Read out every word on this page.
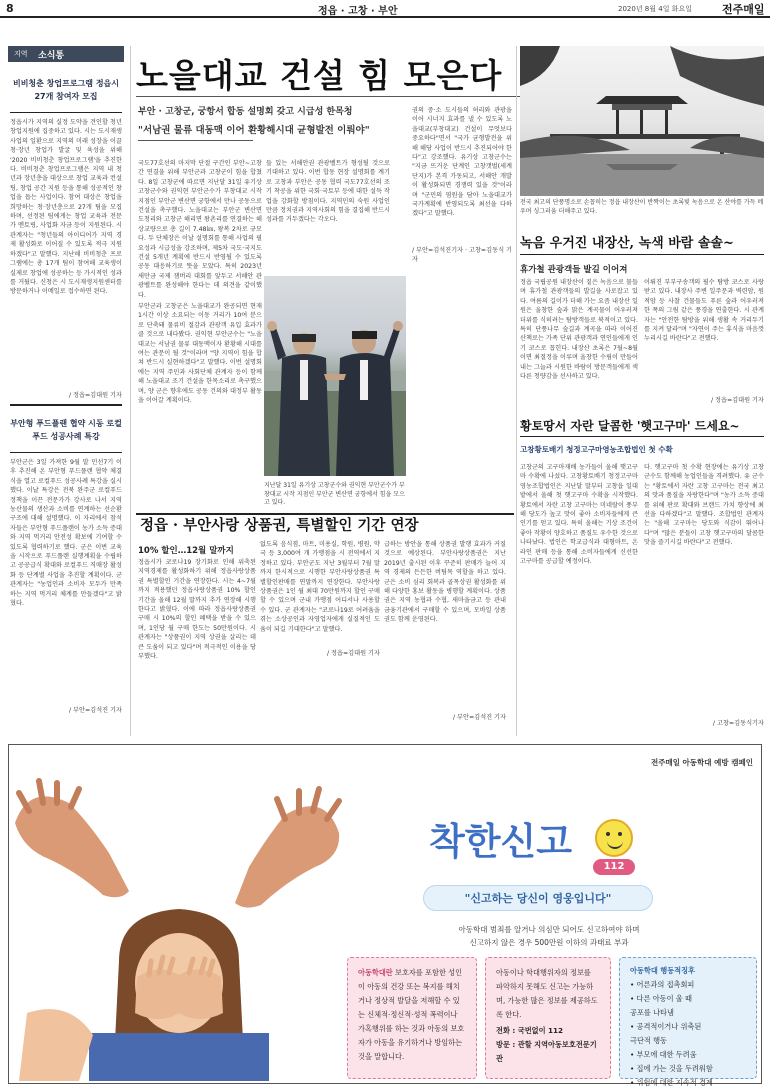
8	정읍 · 고창 · 부안	2020년 8월 4일 화요일	전주매일
지역 소식통
비비청춘 창업프로그램 정읍시 27개 참여자 모집
정읍시가 지역의 실정 도약을 견인할 청년 창업지원에 집중하고 있다. 시는 도시재생사업의 일환으로 지역의 미래 성장을 이끌 청·장년 창업가 발굴 및 육성을 위해 '2020 비비청춘 창업프로그램'을 추진한다. 비비청춘 창업프로그램은 지역 내 청년과 장년층을 대상으로 창업 교육과 컨설팅, 창업 공간 지원 등을 통해 성공적인 창업을 돕는 사업이다. 참여 대상은 창업을 희망하는 청·장년층으로 27개 팀을 모집하며, 선정된 팀에게는 창업 교육과 전문가 멘토링, 사업화 자금 등이 지원된다. 시 관계자는 "청년들의 아이디어가 지역 경제 활성화로 이어질 수 있도록 적극 지원하겠다"고 말했다. 지난해 비비청춘 프로그램에는 총 17개 팀이 참여해 교육생이 실제로 창업에 성공하는 등 가시적인 성과를 거뒀다. 신청은 시 도시재생지원센터를 방문하거나 이메일로 접수하면 된다.
/ 정읍=김대원 기자
부안형 푸드플랜 협약 시동 로컬푸드 성공사례 특강
부안군은 3일 가져한 9월 말 민선7기 이후 추진해 온 부안형 푸드플랜 협약 체결식을 열고 로컬푸드 성공사례 특강을 실시했다. 이날 특강은 전북 완주군 로컬푸드 정책을 이끈 전문가가 강사로 나서 지역 농산물의 생산과 소비를 연계하는 선순환 구조에 대해 설명했다. 이 자리에서 참석자들은 부안형 푸드플랜이 농가 소득 증대와 지역 먹거리 안전성 확보에 기여할 수 있도록 협력하기로 했다. 군은 이번 교육을 시작으로 푸드플랜 실행계획을 수립하고 공공급식 확대와 로컬푸드 직매장 활성화 등 단계별 사업을 추진할 계획이다. 군 관계자는 "농업인과 소비자 모두가 만족하는 지역 먹거리 체계를 만들겠다"고 밝혔다.
/ 부안=김석진 기자
노을대교 건설 힘 모은다
부안 · 고창군, 궁항서 합동 설명회 갖고 시급성 한목청
"서남권 물류 대동맥 이어 환황해시대 균형발전 이뤄야"
권의 중·소 도시들의 허리와 관광을 이어 시너지 효과를 낼 수 있도록 노을대교(부창대교) 건설이 무엇보다 중요하다"면서 "국가 균형발전을 위해 해당 사업이 반드시 추진되어야 한다"고 강조했다. 유기상 고창군수는 "지금 뜨거운 단계인 고창갯벌(세계 단지)가 본격 가동되고, 서해안 개발이 활성화되면 경쟁력 있을 것"이라며 "군민의 염원을 담아 노을대교가 국가계획에 반영되도록 최선을 다하겠다"고 말했다.
/ 부안=김석진기자 · 고창=김동식 기자
국도77호선의 마지막 단절 구간인 부안~고창간 연결을 위해 부안군과 고창군이 힘을 합쳤다. 8일 고창군에 따르면 지난달 31일 유기상 고창군수와 권익현 부안군수가 부창대교 시작 지점인 부안군 변산면 궁항에서 만나 공동으로 건설을 촉구했다. 노을대교는 부안군 변산면 도청리와 고창군 해리면 왕촌리를 연결하는 해상교량으로 총 길이 7.48㎞, 왕복 2차로 규모다. 두 단체장은 이날 설명회를 통해 사업의 필요성과 시급성을 강조하며, 제5차 국도·국지도 건설 5개년 계획에 반드시 반영될 수 있도록 공동 대응하기로 뜻을 모았다. 특히 2023년 새만금 국제 잼버리 대회를 앞두고 서해안 관광벨트를 완성해야 한다는 데 의견을 같이했다.
들 있는 서해안권 관광벨트가 형성될 것으로 기대하고 있다. 이번 합동 현장 설명회를 계기로 고창과 부안은 공동 협력 국도77호선의 조기 착공을 위한 국회·국토부 등에 대한 설득 작업을 강화할 방침이다. 지역민의 숙원 사업인 만큼 정치권과 지역사회의 힘을 결집해 반드시 성과를 거두겠다는 각오다.
지난달 31일 유기상 고창군수와 권익현 부안군수가 부창대교 시작 지점인 부안군 변산면 궁항에서 힘을 모으고 있다.
부안군과 고창군은 노을대교가 완공되면 현재 1시간 이상 소요되는 이동 거리가 10여 분으로 단축돼 물류비 절감과 관광객 유입 효과가 클 것으로 내다봤다. 권익현 부안군수는 "노을대교는 서남권 물류 대동맥이자 환황해 시대를 여는 관문이 될 것"이라며 "양 지역이 힘을 합쳐 반드시 실현하겠다"고 말했다. 이번 설명회에는 지역 주민과 사회단체 관계자 등이 함께해 노을대교 조기 건설을 한목소리로 촉구했으며, 양 군은 향후에도 공동 건의와 대정부 활동을 이어갈 계획이다.
전국 최고의 단풍명소로 손꼽히는 정읍 내장산이 반짝이는 초록빛 녹음으로 온 산야를 가득 메우며 싱그러움 더해주고 있다.
녹음 우거진 내장산, 녹색 바람 솔솔~
휴가철 관광객들 발길 이어져
정읍 국립공원 내장산이 짙은 녹음으로 물들며 휴가철 관광객들의 발길을 사로잡고 있다. 여름의 길이가 더해 가는 요즘 내장산 일원은 울창한 숲과 맑은 계곡물이 어우러져 더위를 식히려는 탐방객들로 북적이고 있다. 특히 단풍나무 숲길과 계곡을 따라 이어진 산책로는 가족 단위 관광객과 연인들에게 인기 코스로 꼽힌다. 내장산 초록은 7월~8월이면 최절정을 이루며 울창한 수림이 만들어내는 그늘과 시원한 바람이 방문객들에게 색다른 청량감을 선사하고 있다.
이뤄진 부부구송객의 필수 탐방 코스로 사랑받고 있다. 내장사 주변 일주문과 벽련암, 원적암 등 사찰 건물들도 푸른 숲과 어우러져 한 폭의 그림 같은 풍경을 연출한다. 시 관계자는 "안전한 탐방을 위해 생활 속 거리두기를 지켜 달라"며 "자연이 주는 휴식을 마음껏 누리시길 바란다"고 전했다.
/ 정읍=김대원 기자
황토땅서 자란 달콤한 '햇고구마' 드세요~
고창황토배기 청정고구마영농조합법인 첫 수확
고창군의 고구마재배 농가들이 올해 햇고구마 수확에 나섰다. 고창황토배기 청정고구마영농조합법인은 지난달 말부터 고창읍 일대 밭에서 올해 첫 햇고구마 수확을 시작했다. 황토에서 자란 고창 고구마는 미네랄이 풍부해 당도가 높고 맛이 좋아 소비자들에게 큰 인기를 얻고 있다. 특히 올해는 기상 조건이 좋아 작황이 양호하고 품질도 우수한 것으로 나타났다. 법인은 학교급식과 대형마트, 온라인 판매 등을 통해 소비자들에게 신선한 고구마를 공급할 예정이다.
다. 햇고구마 첫 수확 현장에는 유기상 고창군수도 함께해 농업인들을 격려했다. 유 군수는 "황토에서 자란 고창 고구마는 전국 최고의 맛과 품질을 자랑한다"며 "농가 소득 증대를 위해 판로 확대와 브랜드 가치 향상에 최선을 다하겠다"고 말했다. 조합법인 관계자는 "올해 고구마는 당도와 식감이 뛰어나다"며 "많은 분들이 고창 햇고구마의 달콤한 맛을 즐기시길 바란다"고 전했다.
/ 고창=김동식기자
정읍 · 부안사랑 상품권, 특별할인 기간 연장
10% 할인…12월 말까지
정읍시가 코로나19 장기화로 인해 위축된 지역경제를 활성화하기 위해 정읍사랑상품권 특별할인 기간을 연장한다. 시는 4~7월까지 적용했던 정읍사랑상품권 10% 할인 기간을 올해 12월 말까지 추가 연장해 시행한다고 밝혔다. 이에 따라 정읍사랑상품권 구매 시 10%의 할인 혜택을 받을 수 있으며, 1인당 월 구매 한도는 50만원이다. 시 관계자는 "상품권이 지역 상권을 살리는 데 큰 도움이 되고 있다"며 적극적인 이용을 당부했다.
없도록 음식점, 마트, 미용실, 학원, 병원, 약국 등 3,000여 개 가맹점을 시 전역에서 지정하고 있다. 부안군도 지난 3월부터 7월 말까지 한시적으로 시행한 부안사랑상품권 특별할인판매를 연말까지 연장한다. 부안사랑상품권은 1인 월 최대 70만원까지 할인 구매할 수 있으며 군내 가맹점 어디서나 사용할 수 있다. 군 관계자는 "코로나19로 어려움을 겪는 소상공인과 자영업자에게 실질적인 도움이 되길 기대한다"고 말했다.
/ 정읍=김대원 기자
급하는 방안을 통해 상품권 발행 효과가 커질 것으로 예상된다. 부안사랑상품권은 지난 2019년 출시된 이후 꾸준히 판매가 늘어 지역 경제의 든든한 버팀목 역할을 하고 있다. 군은 소비 심리 회복과 골목상권 활성화를 위해 다양한 홍보 활동을 병행할 계획이다. 상품권은 지역 농협과 수협, 새마을금고 등 관내 금융기관에서 구매할 수 있으며, 모바일 상품권도 함께 운영된다.
/ 부안=김석진 기자
전주매일 아동학대 예방 캠페인
착한신고
112
"신고하는 당신이 영웅입니다"
아동학대 범죄를 알거나 의심만 되어도 신고하여야 하며
신고하지 않은 경우 500만원 이하의 과태료 부과
아동학대란 보호자를 포함한 성인이 아동의 건강 또는 복지를 해치거나 정상적 발달을 저해할 수 있는 신체적·정신적·성적 폭력이나 가혹행위를 하는 것과 아동의 보호자가 아동을 유기하거나 방임하는 것을 말합니다.
아동이나 학대행위자의 정보를 파악하지 못해도 신고는 가능하며, 가능한 많은 정보를 제공하도록 한다.
전화 : 국번없이 112
방문 : 관할 지역아동보호전문기관
아동학대 행동적징후
• 어른과의 접촉회피
• 다른 아동이 울 때
공포를 나타냄
• 공격적이거나 위축된
극단적 행동
• 부모에 대한 두려움
• 집에 가는 것을 두려워함
• 위험에 대한 지속적 경계
